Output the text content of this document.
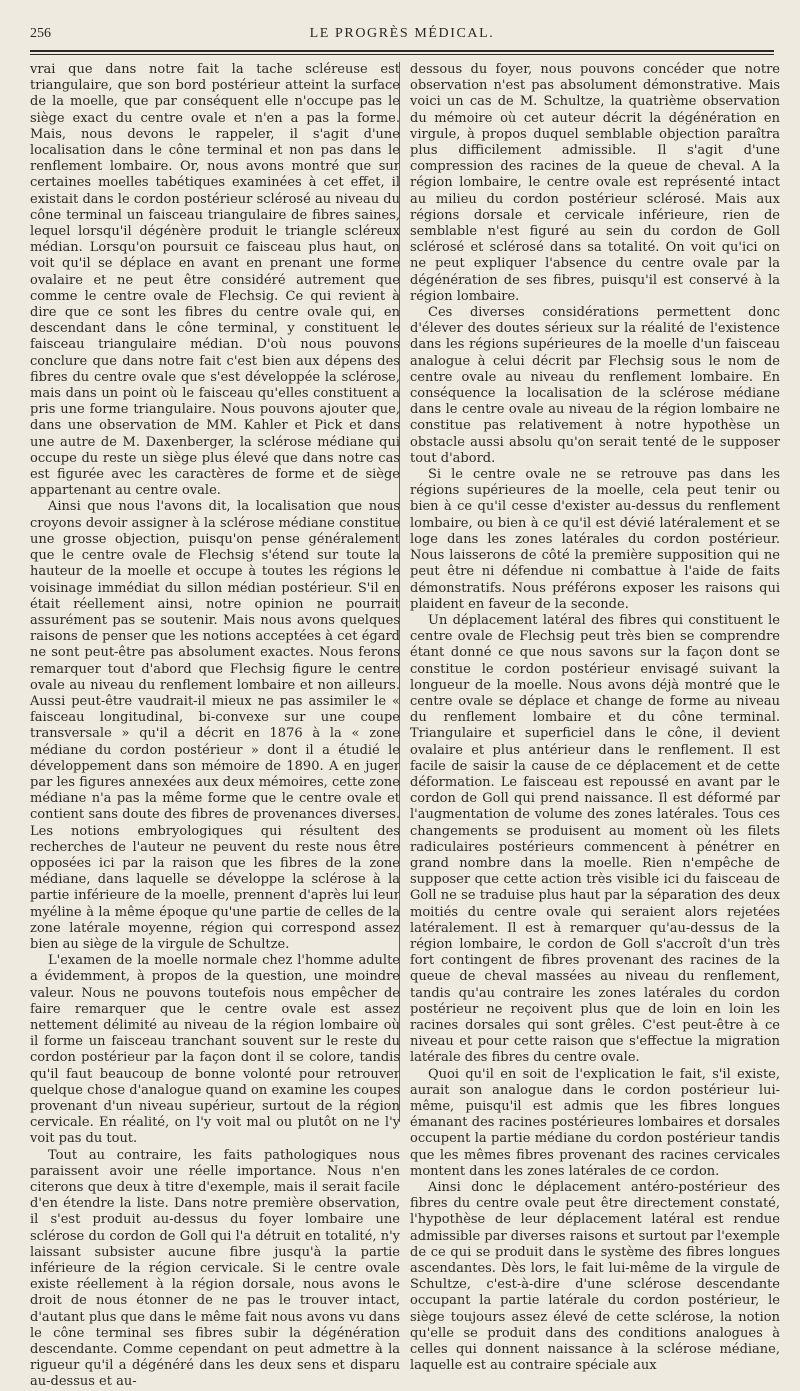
256	LE PROGRÈS MÉDICAL.

vrai que dans notre fait la tache scléreuse est triangulaire, que son bord postérieur atteint la surface de la moelle, que par conséquent elle n'occupe pas le siège exact du centre ovale et n'en a pas la forme. Mais, nous devons le rappeler, il s'agit d'une localisation dans le cône terminal et non pas dans le renflement lombaire. Or, nous avons montré que sur certaines moelles tabétiques examinées à cet effet, il existait dans le cordon postérieur sclérosé au niveau du cône terminal un faisceau triangulaire de fibres saines, lequel lorsqu'il dégénère produit le triangle scléreux médian. Lorsqu'on poursuit ce faisceau plus haut, on voit qu'il se déplace en avant en prenant une forme ovalaire et ne peut être considéré autrement que comme le centre ovale de Flechsig. Ce qui revient à dire que ce sont les fibres du centre ovale qui, en descendant dans le cône terminal, y constituent le faisceau triangulaire médian. D'où nous pouvons conclure que dans notre fait c'est bien aux dépens des fibres du centre ovale que s'est développée la sclérose, mais dans un point où le faisceau qu'elles constituent a pris une forme triangulaire. Nous pouvons ajouter que, dans une observation de MM. Kahler et Pick et dans une autre de M. Daxenberger, la sclérose médiane qui occupe du reste un siège plus élevé que dans notre cas est figurée avec les caractères de forme et de siège appartenant au centre ovale.

Ainsi que nous l'avons dit, la localisation que nous croyons devoir assigner à la sclérose médiane constitue une grosse objection, puisqu'on pense généralement que le centre ovale de Flechsig s'étend sur toute la hauteur de la moelle et occupe à toutes les régions le voisinage immédiat du sillon médian postérieur. S'il en était réellement ainsi, notre opinion ne pourrait assurément pas se soutenir. Mais nous avons quelques raisons de penser que les notions acceptées à cet égard ne sont peut-être pas absolument exactes. Nous ferons remarquer tout d'abord que Flechsig figure le centre ovale au niveau du renflement lombaire et non ailleurs. Aussi peut-être vaudrait-il mieux ne pas assimiler le « faisceau longitudinal, bi-convexe sur une coupe transversale » qu'il a décrit en 1876 à la « zone médiane du cordon postérieur » dont il a étudié le développement dans son mémoire de 1890. A en juger par les figures annexées aux deux mémoires, cette zone médiane n'a pas la même forme que le centre ovale et contient sans doute des fibres de provenances diverses. Les notions embryologiques qui résultent des recherches de l'auteur ne peuvent du reste nous être opposées ici par la raison que les fibres de la zone médiane, dans laquelle se développe la sclérose à la partie inférieure de la moelle, prennent d'après lui leur myéline à la même époque qu'une partie de celles de la zone latérale moyenne, région qui correspond assez bien au siège de la virgule de Schultze.

L'examen de la moelle normale chez l'homme adulte a évidemment, à propos de la question, une moindre valeur. Nous ne pouvons toutefois nous empêcher de faire remarquer que le centre ovale est assez nettement délimité au niveau de la région lombaire où il forme un faisceau tranchant souvent sur le reste du cordon postérieur par la façon dont il se colore, tandis qu'il faut beaucoup de bonne volonté pour retrouver quelque chose d'analogue quand on examine les coupes provenant d'un niveau supérieur, surtout de la région cervicale. En réalité, on l'y voit mal ou plutôt on ne l'y voit pas du tout.

Tout au contraire, les faits pathologiques nous paraissent avoir une réelle importance. Nous n'en citerons que deux à titre d'exemple, mais il serait facile d'en étendre la liste. Dans notre première observation, il s'est produit au-dessus du foyer lombaire une sclérose du cordon de Goll qui l'a détruit en totalité, n'y laissant subsister aucune fibre jusqu'à la partie inférieure de la région cervicale. Si le centre ovale existe réellement à la région dorsale, nous avons le droit de nous étonner de ne pas le trouver intact, d'autant plus que dans le même fait nous avons vu dans le cône terminal ses fibres subir la dégénération descendante. Comme cependant on peut admettre à la rigueur qu'il a dégénéré dans les deux sens et disparu au-dessus et au-

dessous du foyer, nous pouvons concéder que notre observation n'est pas absolument démonstrative. Mais voici un cas de M. Schultze, la quatrième observation du mémoire où cet auteur décrit la dégénération en virgule, à propos duquel semblable objection paraîtra plus difficilement admissible. Il s'agit d'une compression des racines de la queue de cheval. A la région lombaire, le centre ovale est représenté intact au milieu du cordon postérieur sclérosé. Mais aux régions dorsale et cervicale inférieure, rien de semblable n'est figuré au sein du cordon de Goll sclérosé et sclérosé dans sa totalité. On voit qu'ici on ne peut expliquer l'absence du centre ovale par la dégénération de ses fibres, puisqu'il est conservé à la région lombaire.

Ces diverses considérations permettent donc d'élever des doutes sérieux sur la réalité de l'existence dans les régions supérieures de la moelle d'un faisceau analogue à celui décrit par Flechsig sous le nom de centre ovale au niveau du renflement lombaire. En conséquence la localisation de la sclérose médiane dans le centre ovale au niveau de la région lombaire ne constitue pas relativement à notre hypothèse un obstacle aussi absolu qu'on serait tenté de le supposer tout d'abord.

Si le centre ovale ne se retrouve pas dans les régions supérieures de la moelle, cela peut tenir ou bien à ce qu'il cesse d'exister au-dessus du renflement lombaire, ou bien à ce qu'il est dévié latéralement et se loge dans les zones latérales du cordon postérieur. Nous laisserons de côté la première supposition qui ne peut être ni défendue ni combattue à l'aide de faits démonstratifs. Nous préférons exposer les raisons qui plaident en faveur de la seconde.

Un déplacement latéral des fibres qui constituent le centre ovale de Flechsig peut très bien se comprendre étant donné ce que nous savons sur la façon dont se constitue le cordon postérieur envisagé suivant la longueur de la moelle. Nous avons déjà montré que le centre ovale se déplace et change de forme au niveau du renflement lombaire et du cône terminal. Triangulaire et superficiel dans le cône, il devient ovalaire et plus antérieur dans le renflement. Il est facile de saisir la cause de ce déplacement et de cette déformation. Le faisceau est repoussé en avant par le cordon de Goll qui prend naissance. Il est déformé par l'augmentation de volume des zones latérales. Tous ces changements se produisent au moment où les filets radiculaires postérieurs commencent à pénétrer en grand nombre dans la moelle. Rien n'empêche de supposer que cette action très visible ici du faisceau de Goll ne se traduise plus haut par la séparation des deux moitiés du centre ovale qui seraient alors rejetées latéralement. Il est à remarquer qu'au-dessus de la région lombaire, le cordon de Goll s'accroît d'un très fort contingent de fibres provenant des racines de la queue de cheval massées au niveau du renflement, tandis qu'au contraire les zones latérales du cordon postérieur ne reçoivent plus que de loin en loin les racines dorsales qui sont grêles. C'est peut-être à ce niveau et pour cette raison que s'effectue la migration latérale des fibres du centre ovale.

Quoi qu'il en soit de l'explication le fait, s'il existe, aurait son analogue dans le cordon postérieur lui-même, puisqu'il est admis que les fibres longues émanant des racines postérieures lombaires et dorsales occupent la partie médiane du cordon postérieur tandis que les mêmes fibres provenant des racines cervicales montent dans les zones latérales de ce cordon.

Ainsi donc le déplacement antéro-postérieur des fibres du centre ovale peut être directement constaté, l'hypothèse de leur déplacement latéral est rendue admissible par diverses raisons et surtout par l'exemple de ce qui se produit dans le système des fibres longues ascendantes. Dès lors, le fait lui-même de la virgule de Schultze, c'est-à-dire d'une sclérose descendante occupant la partie latérale du cordon postérieur, le siège toujours assez élevé de cette sclérose, la notion qu'elle se produit dans des conditions analogues à celles qui donnent naissance à la sclérose médiane, laquelle est au contraire spéciale aux
